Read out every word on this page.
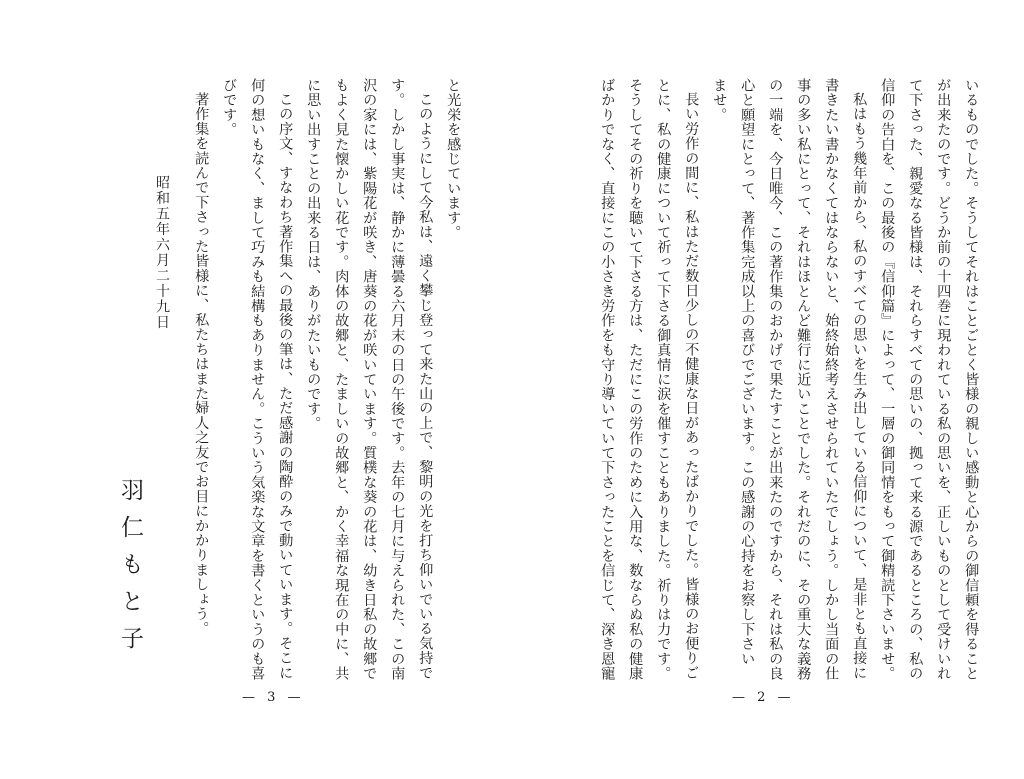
いるものでした。そうしてそれはことごとく皆様の親しい感動と心からの御信頼を得ること
が出来たのです。どうか前の十四巻に現われている私の思いを、正しいものとして受けいれ
て下さった、親愛なる皆様は、それらすべての思いの、拠って来る源であるところの、私の
信仰の告白を、この最後の『信仰篇』によって、一層の御同情をもって御精読下さいませ。
私はもう幾年前から、私のすべての思いを生み出している信仰について、是非とも直接に
書きたい書かなくてはならないと、始終始終考えさせられていたでしょう。しかし当面の仕
事の多い私にとって、それはほとんど難行に近いことでした。それだのに、その重大な義務
の一端を、今日唯今、この著作集のおかげで果たすことが出来たのですから、それは私の良
心と願望にとって、著作集完成以上の喜びでございます。この感謝の心持をお察し下さい
ませ。
長い労作の間に、私はただ数日少しの不健康な日があったばかりでした。皆様のお便りご
とに、私の健康について祈って下さる御真情に涙を催すこともありました。祈りは力です。
そうしてその祈りを聴いて下さる方は、ただにこの労作のために入用な、数ならぬ私の健康
ばかりでなく、直接にこの小さき労作をも守り導いていて下さったことを信じて、深き恩寵
— 2 —
と光栄を感じています。
このようにして今私は、遠く攀じ登って来た山の上で、黎明の光を打ち仰いでいる気持で
す。しかし事実は、静かに薄曇る六月末の日の午後です。去年の七月に与えられた、この南
沢の家には、紫陽花が咲き、唐葵の花が咲いています。質樸な葵の花は、幼き日私の故郷で
もよく見た懐かしい花です。肉体の故郷と、たましいの故郷と、かく幸福な現在の中に、共
に思い出すことの出来る日は、ありがたいものです。
この序文、すなわち著作集への最後の筆は、ただ感謝の陶酔のみで動いています。そこに
何の想いもなく、まして巧みも結構もありません。こういう気楽な文章を書くというのも喜
びです。
著作集を読んで下さった皆様に、私たちはまた婦人之友でお目にかかりましょう。
昭和五年六月二十九日
羽仁もと子
— 3 —
